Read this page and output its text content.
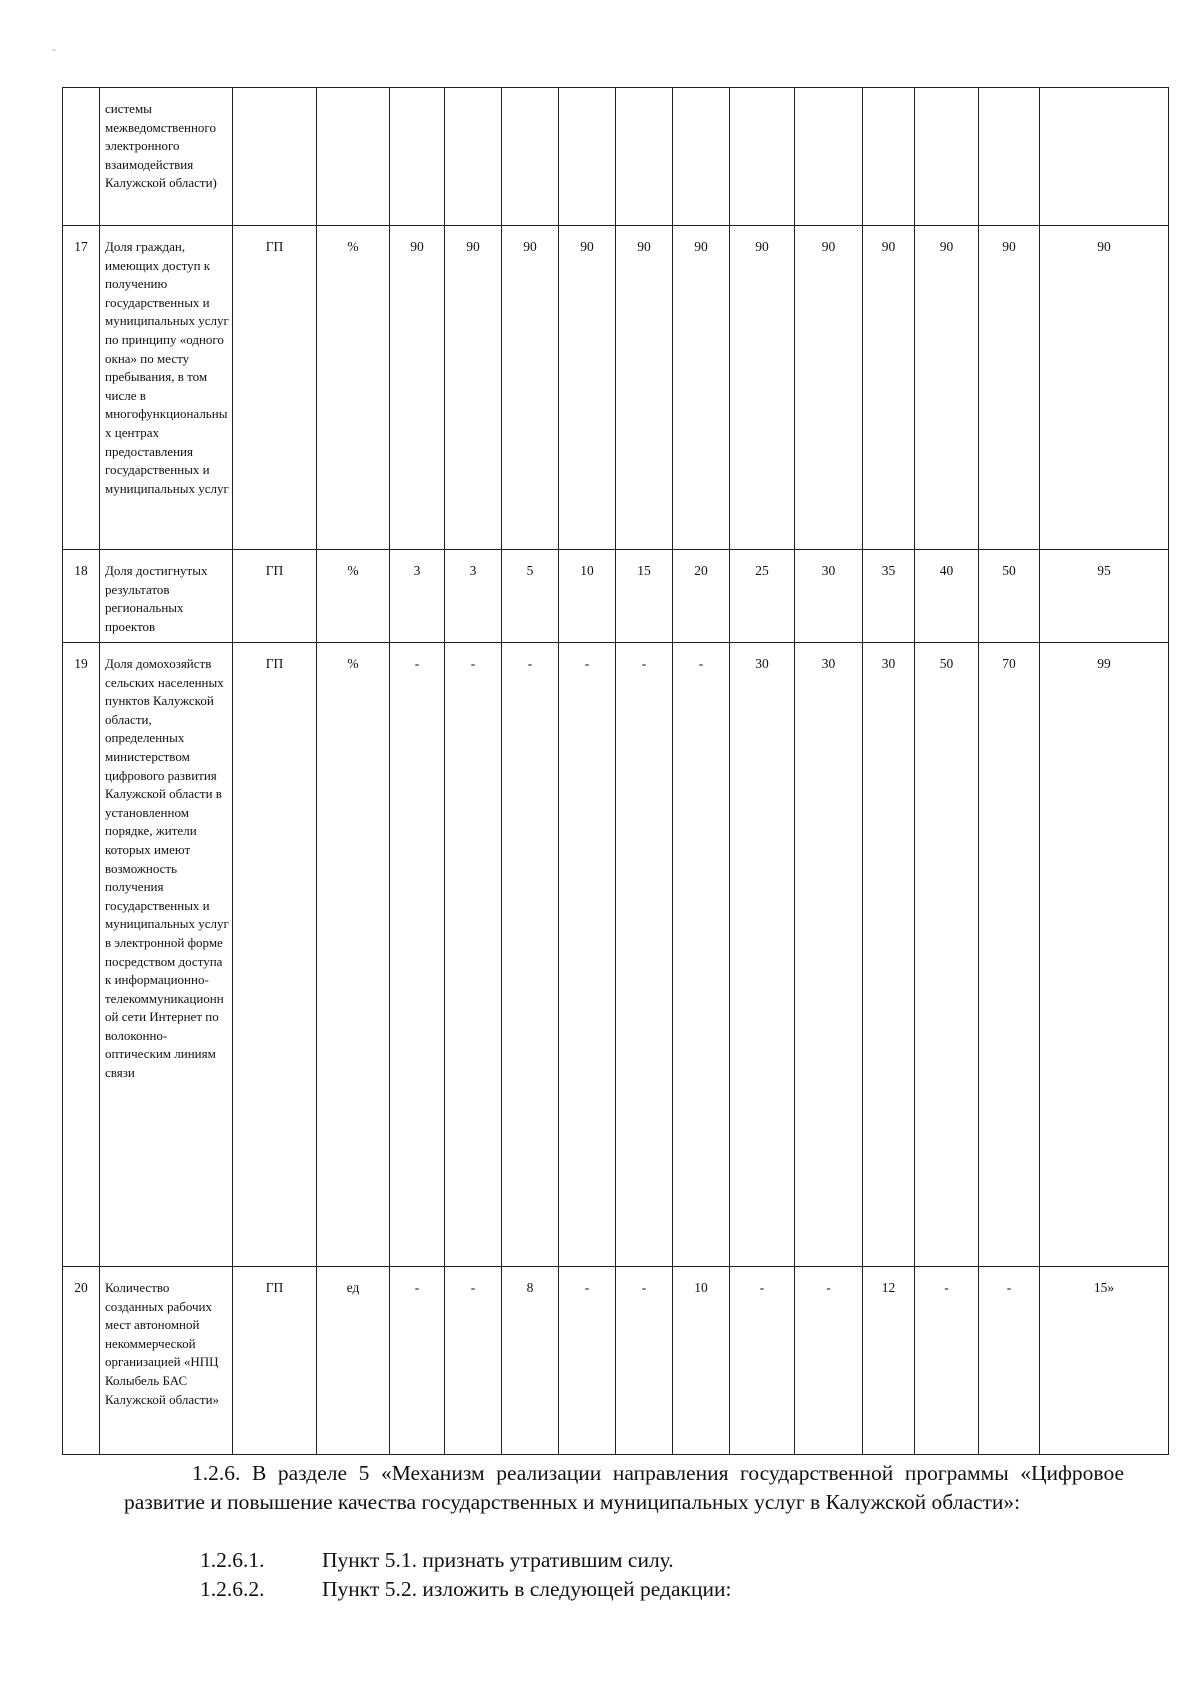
-
	системы межведомственного электронного взаимодействия Калужской области)														
17	Доля граждан, имеющих доступ к получению государственных и муниципальных услуг по принципу «одного окна» по месту пребывания, в том числе в многофункциональных центрах предоставления государственных и муниципальных услуг	ГП	%	90	90	90	90	90	90	90	90	90	90	90	90
18	Доля достигнутых результатов региональных проектов	ГП	%	3	3	5	10	15	20	25	30	35	40	50	95
19	Доля домохозяйств сельских населенных пунктов Калужской области, определенных министерством цифрового развития Калужской области в установленном порядке, жители которых имеют возможность получения государственных и муниципальных услуг в электронной форме посредством доступа к информационно-телекоммуникационной сети Интернет по волоконно-оптическим линиям связи	ГП	%	-	-	-	-	-	-	30	30	30	50	70	99
20	Количество созданных рабочих мест автономной некоммерческой организацией «НПЦ Колыбель БАС Калужской области»	ГП	ед	-	-	8	-	-	10	-	-	12	-	-	15»
1.2.6. В разделе 5 «Механизм реализации направления государственной программы «Цифровое развитие и повышение качества государственных и муниципальных услуг в Калужской области»:
1.2.6.1.	Пункт 5.1. признать утратившим силу.
1.2.6.2.	Пункт 5.2. изложить в следующей редакции:
